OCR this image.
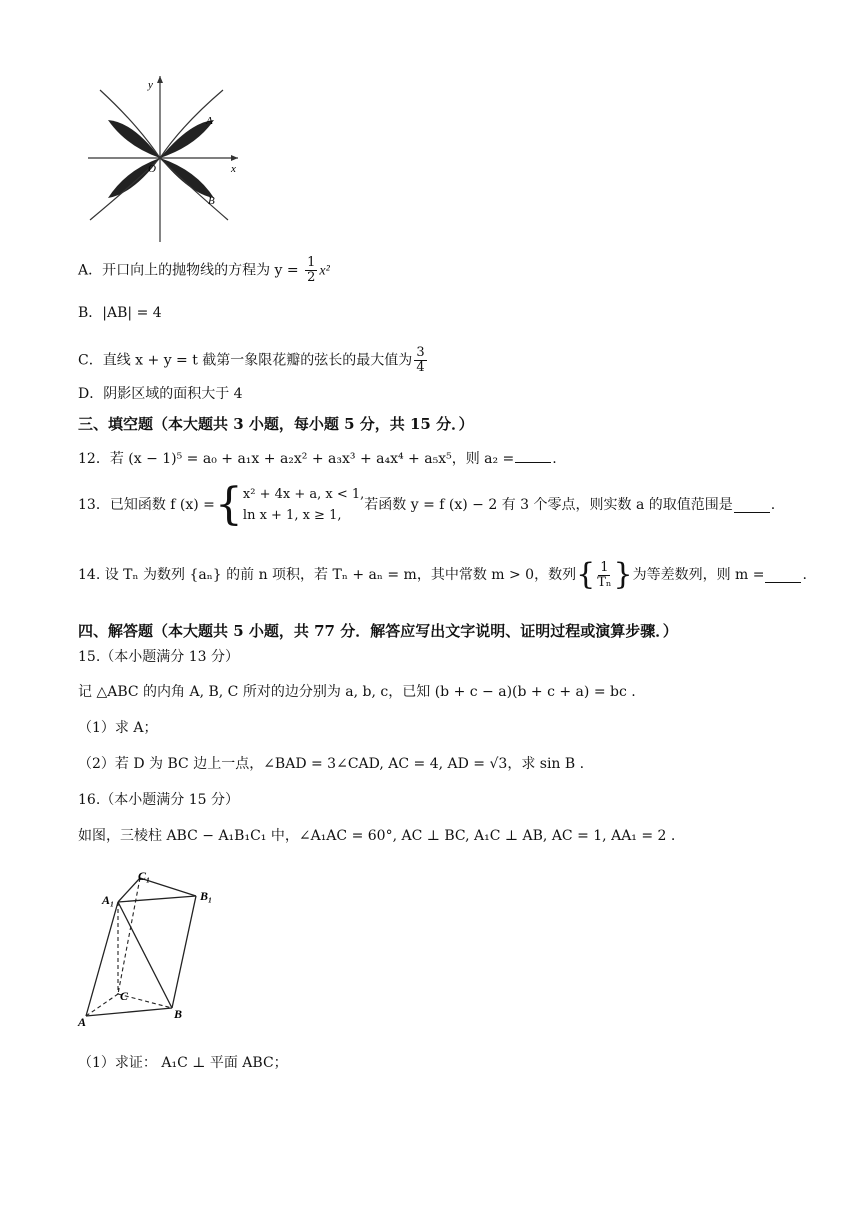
y
x
O
A
B
A．开口向上的抛物线的方程为 $y = \frac{1}{2} x^2$
B．|AB| = 4
C．直线 x + y = t 截第一象限花瓣的弦长的最大值为 $\frac{3}{4}$
D．阴影区域的面积大于 4
三、填空题（本大题共 3 小题，每小题 5 分，共 15 分．）
12．若 (x − 1)⁵ = a₀ + a₁x + a₂x² + a₃x³ + a₄x⁴ + a₅x⁵，则 a₂ =	.
13．已知函数 f (x) ={ x² + 4x + a, x < 1,
ln x + 1, x ≥ 1,
若函数 y = f (x) − 2 有 3 个零点，则实数 a 的取值范围是	.
14. 设 Tₙ 为数列 {aₙ} 的前 n 项积，若 Tₙ + aₙ = m，其中常数 m > 0，数列{ $\frac{1}{\text{Tₙ}}$ }为等差数列，则 m =	.
四、解答题（本大题共 5 小题，共 77 分．解答应写出文字说明、证明过程或演算步骤．）
15.（本小题满分 13 分）
记 △ABC 的内角 A, B, C 所对的边分别为 a, b, c，已知 (b + c − a)(b + c + a) = bc .
（1）求 A；
（2）若 D 为 BC 边上一点，∠BAD = 3∠CAD, AC = 4, AD = √3，求 sin B .
16.（本小题满分 15 分）
如图，三棱柱 ABC − A₁B₁C₁ 中，∠A₁AC = 60°, AC ⊥ BC, A₁C ⊥ AB, AC = 1, AA₁ = 2 .
C₁
A₁	B₁
C
A
B
（1）求证： A₁C ⊥ 平面 ABC；
